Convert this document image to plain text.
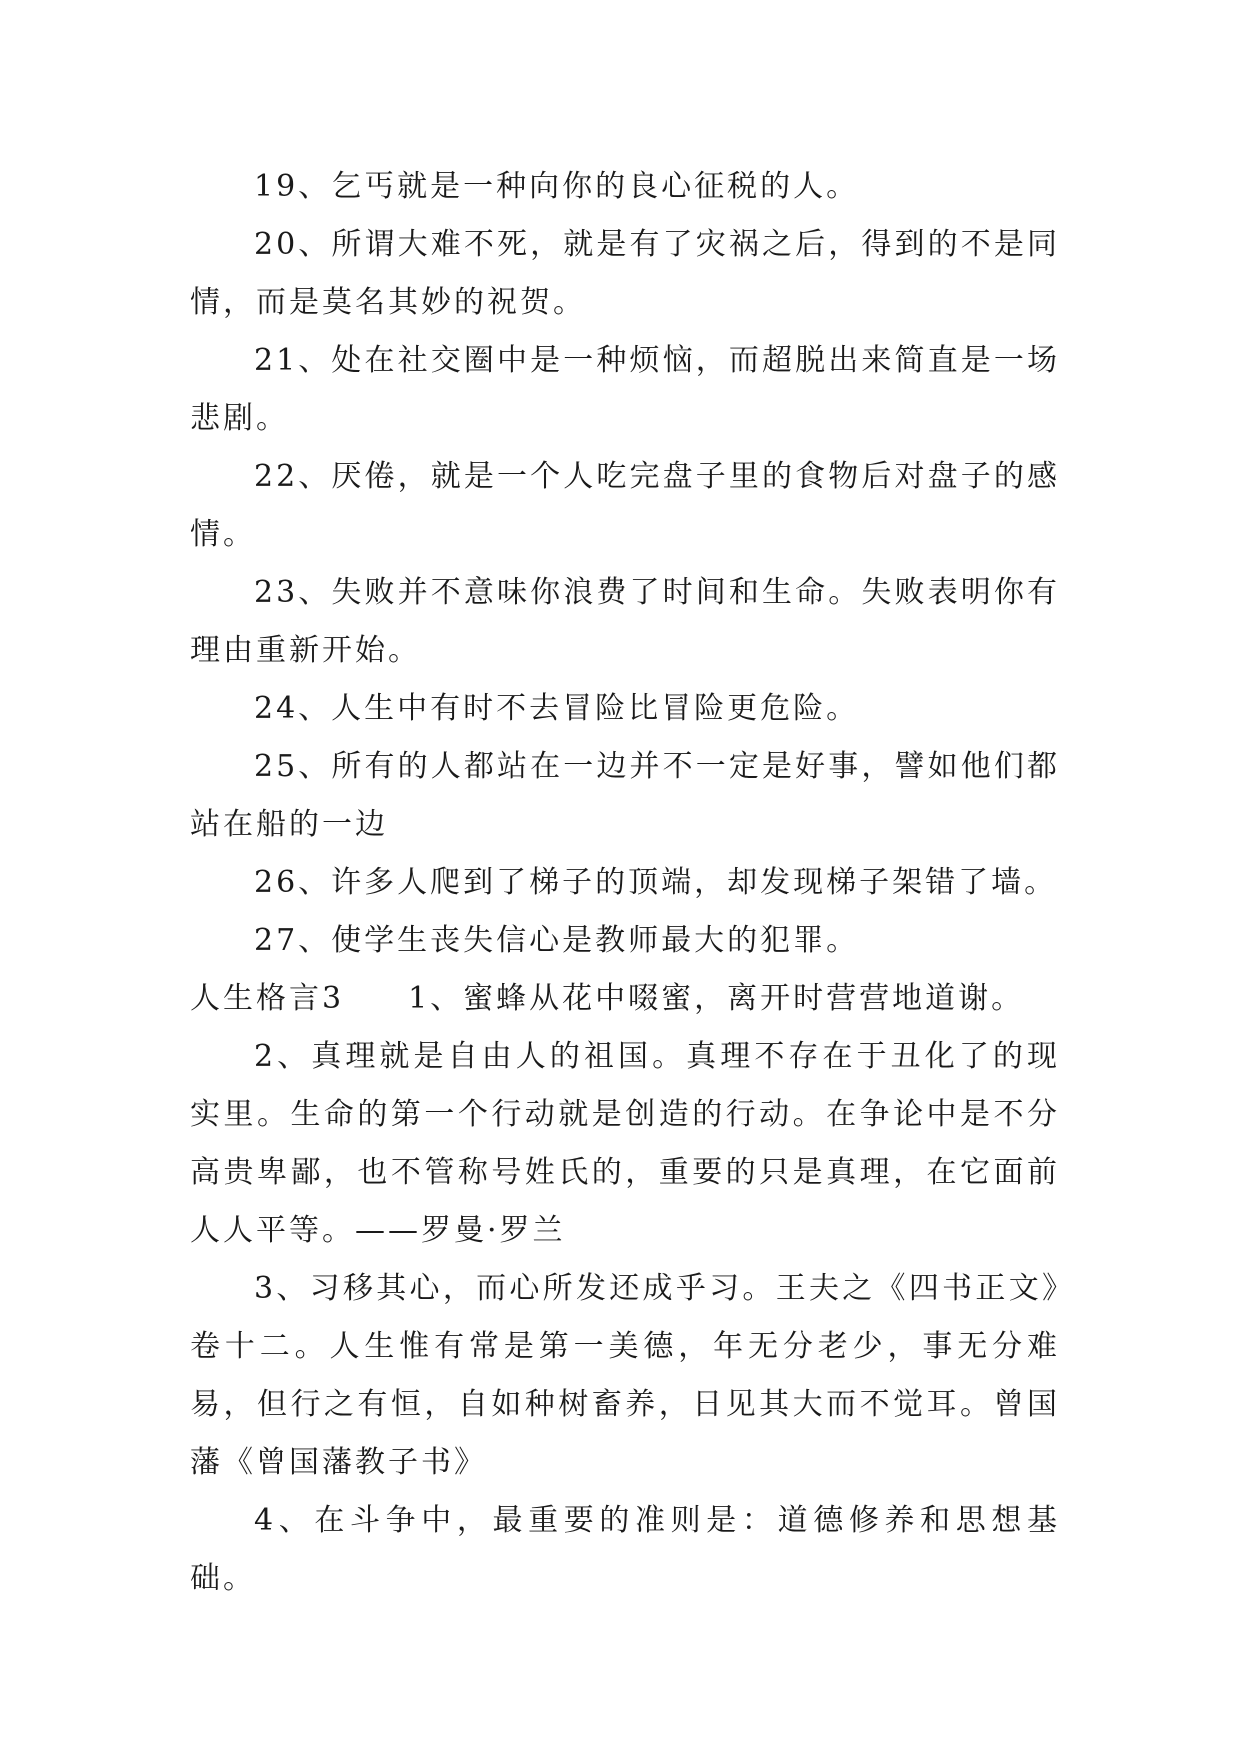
19、乞丐就是一种向你的良心征税的人。

20、所谓大难不死，就是有了灾祸之后，得到的不是同情，而是莫名其妙的祝贺。

21、处在社交圈中是一种烦恼，而超脱出来简直是一场悲剧。

22、厌倦，就是一个人吃完盘子里的食物后对盘子的感情。

23、失败并不意味你浪费了时间和生命。失败表明你有理由重新开始。

24、人生中有时不去冒险比冒险更危险。

25、所有的人都站在一边并不一定是好事，譬如他们都站在船的一边

26、许多人爬到了梯子的顶端，却发现梯子架错了墙。

27、使学生丧失信心是教师最大的犯罪。

人生格言3 1、蜜蜂从花中啜蜜，离开时营营地道谢。

2、真理就是自由人的祖国。真理不存在于丑化了的现实里。生命的第一个行动就是创造的行动。在争论中是不分高贵卑鄙，也不管称号姓氏的，重要的只是真理，在它面前人人平等。——罗曼·罗兰

3、习移其心，而心所发还成乎习。王夫之《四书正文》卷十二。人生惟有常是第一美德，年无分老少，事无分难易，但行之有恒，自如种树畜养，日见其大而不觉耳。曾国藩《曾国藩教子书》

4、在斗争中，最重要的准则是：道德修养和思想基础。
